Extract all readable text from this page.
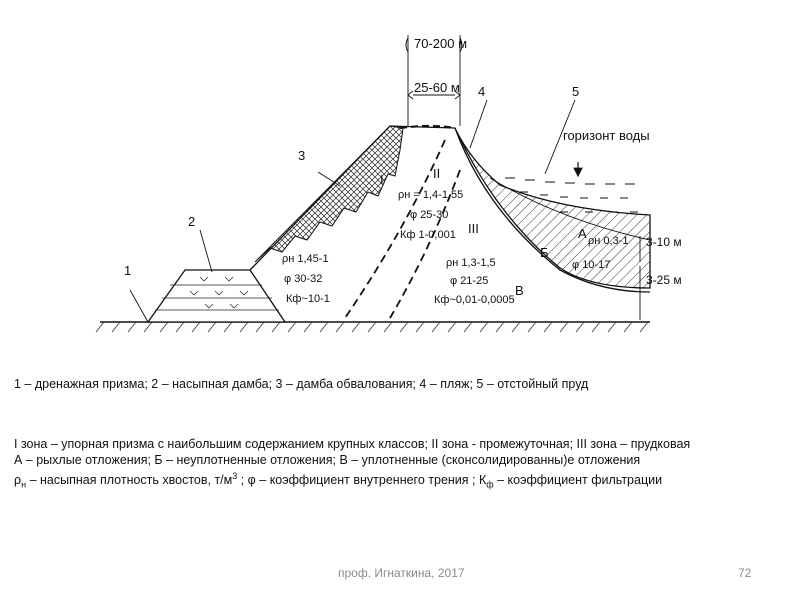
70-200 м
25-60 м
1
2
3
4	5
горизонт воды
I	II
III	А
Б
В
3-10 м
3-25 м
ρн 1,45-1
φ 30-32
Кф~10-1
ρн = 1,4-1,55
φ 25-30
Кф 1-0,001
ρн 1,3-1,5
φ 21-25
Кф~0,01-0,0005
ρн 0,3-1
φ 10-17
1 – дренажная призма; 2 – насыпная дамба; 3 – дамба обвалования; 4 – пляж; 5 – отстойный пруд
I зона – упорная призма с наибольшим содержанием крупных классов; II зона - промежуточная; III зона – прудковая
А – рыхлые отложения; Б – неуплотненные отложения; В – уплотненные (сконсолидированны)е отложения
$\rho_н$ – насыпная плотность хвостов, $т/м^3$ ; φ – коэффициент внутреннего трения ; $К_ф$ – коэффициент фильтрации
проф. Игнаткина, 2017	72
